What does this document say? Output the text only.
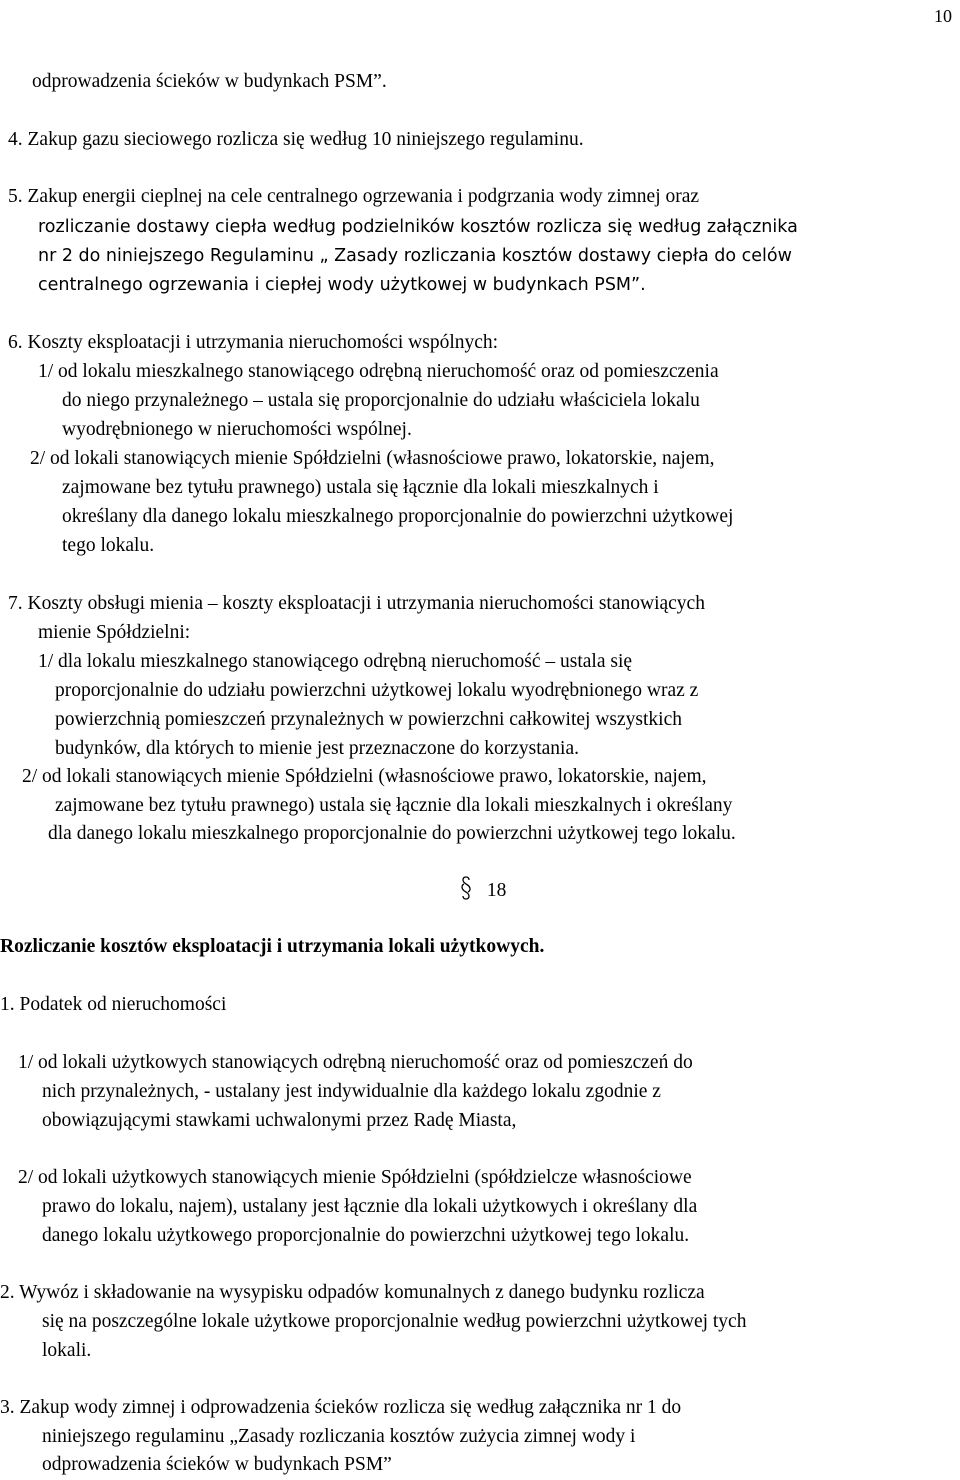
10
odprowadzenia ścieków w budynkach PSM”.
4. Zakup gazu sieciowego rozlicza się według 10 niniejszego regulaminu.
5. Zakup energii cieplnej na cele centralnego ogrzewania i podgrzania wody zimnej oraz
rozliczanie dostawy ciepła według podzielników kosztów rozlicza się według załącznika
nr 2 do niniejszego Regulaminu „ Zasady rozliczania kosztów dostawy ciepła do celów
centralnego ogrzewania i ciepłej wody użytkowej w budynkach PSM”.
6. Koszty eksploatacji i utrzymania nieruchomości wspólnych:
1/ od lokalu mieszkalnego stanowiącego odrębną nieruchomość oraz od pomieszczenia
do niego przynależnego – ustala się proporcjonalnie do udziału właściciela lokalu
wyodrębnionego w nieruchomości wspólnej.
2/ od lokali stanowiących mienie Spółdzielni (własnościowe prawo, lokatorskie, najem,
zajmowane bez tytułu prawnego) ustala się łącznie dla lokali mieszkalnych i
określany dla danego lokalu mieszkalnego proporcjonalnie do powierzchni użytkowej
tego lokalu.
7. Koszty obsługi mienia – koszty eksploatacji i utrzymania nieruchomości stanowiących
mienie Spółdzielni:
1/ dla lokalu mieszkalnego stanowiącego odrębną nieruchomość – ustala się
proporcjonalnie do udziału powierzchni użytkowej lokalu wyodrębnionego wraz z
powierzchnią pomieszczeń przynależnych w powierzchni całkowitej wszystkich
budynków, dla których to mienie jest przeznaczone do korzystania.
2/ od lokali stanowiących mienie Spółdzielni (własnościowe prawo, lokatorskie, najem,
zajmowane bez tytułu prawnego) ustala się łącznie dla lokali mieszkalnych i określany
dla danego lokalu mieszkalnego proporcjonalnie do powierzchni użytkowej tego lokalu.
18
Rozliczanie kosztów eksploatacji i utrzymania lokali użytkowych.
1. Podatek od nieruchomości
1/ od lokali użytkowych stanowiących odrębną nieruchomość oraz od pomieszczeń do
nich przynależnych, - ustalany jest indywidualnie dla każdego lokalu zgodnie z
obowiązującymi stawkami uchwalonymi przez Radę Miasta,
2/ od lokali użytkowych stanowiących mienie Spółdzielni (spółdzielcze własnościowe
prawo do lokalu, najem), ustalany jest łącznie dla lokali użytkowych i określany dla
danego lokalu użytkowego proporcjonalnie do powierzchni użytkowej tego lokalu.
2. Wywóz i składowanie na wysypisku odpadów komunalnych z danego budynku rozlicza
się na poszczególne lokale użytkowe proporcjonalnie według powierzchni użytkowej tych
lokali.
3. Zakup wody zimnej i odprowadzenia ścieków rozlicza się według załącznika nr 1 do
niniejszego regulaminu „Zasady rozliczania kosztów zużycia zimnej wody i
odprowadzenia ścieków w budynkach PSM”
